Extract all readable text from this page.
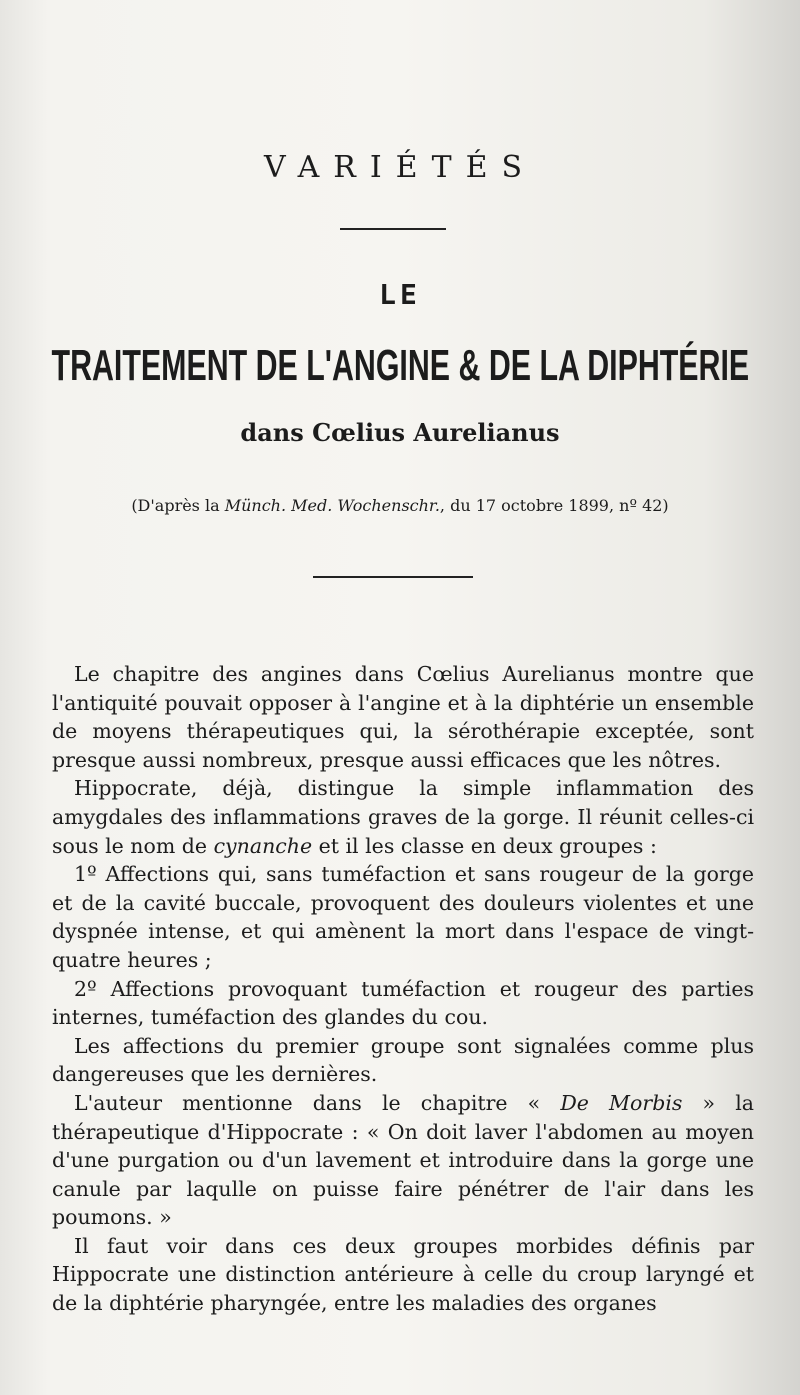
VARIÉTÉS
LE
TRAITEMENT DE L'ANGINE & DE LA DIPHTÉRIE
dans Cœlius Aurelianus
(D'après la Münch. Med. Wochenschr., du 17 octobre 1899, nº 42)

Le chapitre des angines dans Cœlius Aurelianus montre que l'antiquité pouvait opposer à l'angine et à la diphtérie un ensemble de moyens thérapeutiques qui, la sérothérapie exceptée, sont presque aussi nombreux, presque aussi efficaces que les nôtres.

Hippocrate, déjà, distingue la simple inflammation des amygdales des inflammations graves de la gorge. Il réunit celles-ci sous le nom de cynanche et il les classe en deux groupes :

1º Affections qui, sans tuméfaction et sans rougeur de la gorge et de la cavité buccale, provoquent des douleurs violentes et une dyspnée intense, et qui amènent la mort dans l'espace de vingt-quatre heures ;

2º Affections provoquant tuméfaction et rougeur des parties internes, tuméfaction des glandes du cou.

Les affections du premier groupe sont signalées comme plus dangereuses que les dernières.

L'auteur mentionne dans le chapitre « De Morbis » la thérapeutique d'Hippocrate : « On doit laver l'abdomen au moyen d'une purgation ou d'un lavement et introduire dans la gorge une canule par laqulle on puisse faire pénétrer de l'air dans les poumons. »

Il faut voir dans ces deux groupes morbides définis par Hippocrate une distinction antérieure à celle du croup laryngé et de la diphtérie pharyngée, entre les maladies des organes
